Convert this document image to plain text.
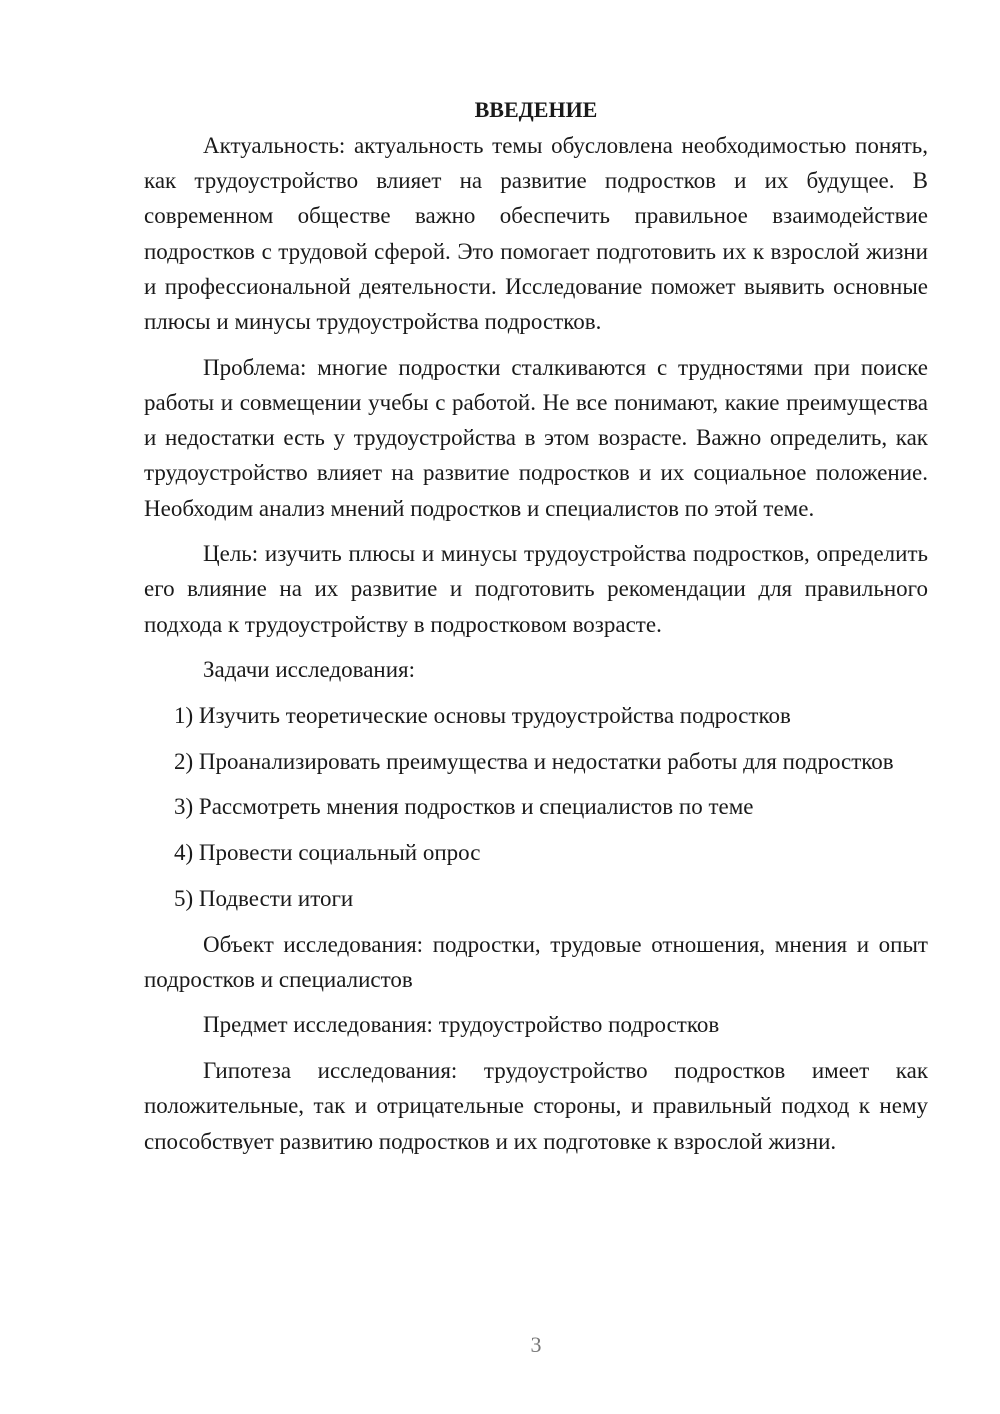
ВВЕДЕНИЕ

Актуальность: актуальность темы обусловлена необходимостью понять, как трудоустройство влияет на развитие подростков и их будущее. В современном обществе важно обеспечить правильное взаимодействие подростков с трудовой сферой. Это помогает подготовить их к взрослой жизни и профессиональной деятельности. Исследование поможет выявить основные плюсы и минусы трудоустройства подростков.

Проблема: многие подростки сталкиваются с трудностями при поиске работы и совмещении учебы с работой. Не все понимают, какие преимущества и недостатки есть у трудоустройства в этом возрасте. Важно определить, как трудоустройство влияет на развитие подростков и их социальное положение. Необходим анализ мнений подростков и специалистов по этой теме.

Цель: изучить плюсы и минусы трудоустройства подростков, определить его влияние на их развитие и подготовить рекомендации для правильного подхода к трудоустройству в подростковом возрасте.

Задачи исследования:

1) Изучить теоретические основы трудоустройства подростков

2) Проанализировать преимущества и недостатки работы для подростков

3) Рассмотреть мнения подростков и специалистов по теме

4) Провести социальный опрос

5) Подвести итоги

Объект исследования: подростки, трудовые отношения, мнения и опыт подростков и специалистов

Предмет исследования: трудоустройство подростков

Гипотеза исследования: трудоустройство подростков имеет как положительные, так и отрицательные стороны, и правильный подход к нему способствует развитию подростков и их подготовке к взрослой жизни.

3
